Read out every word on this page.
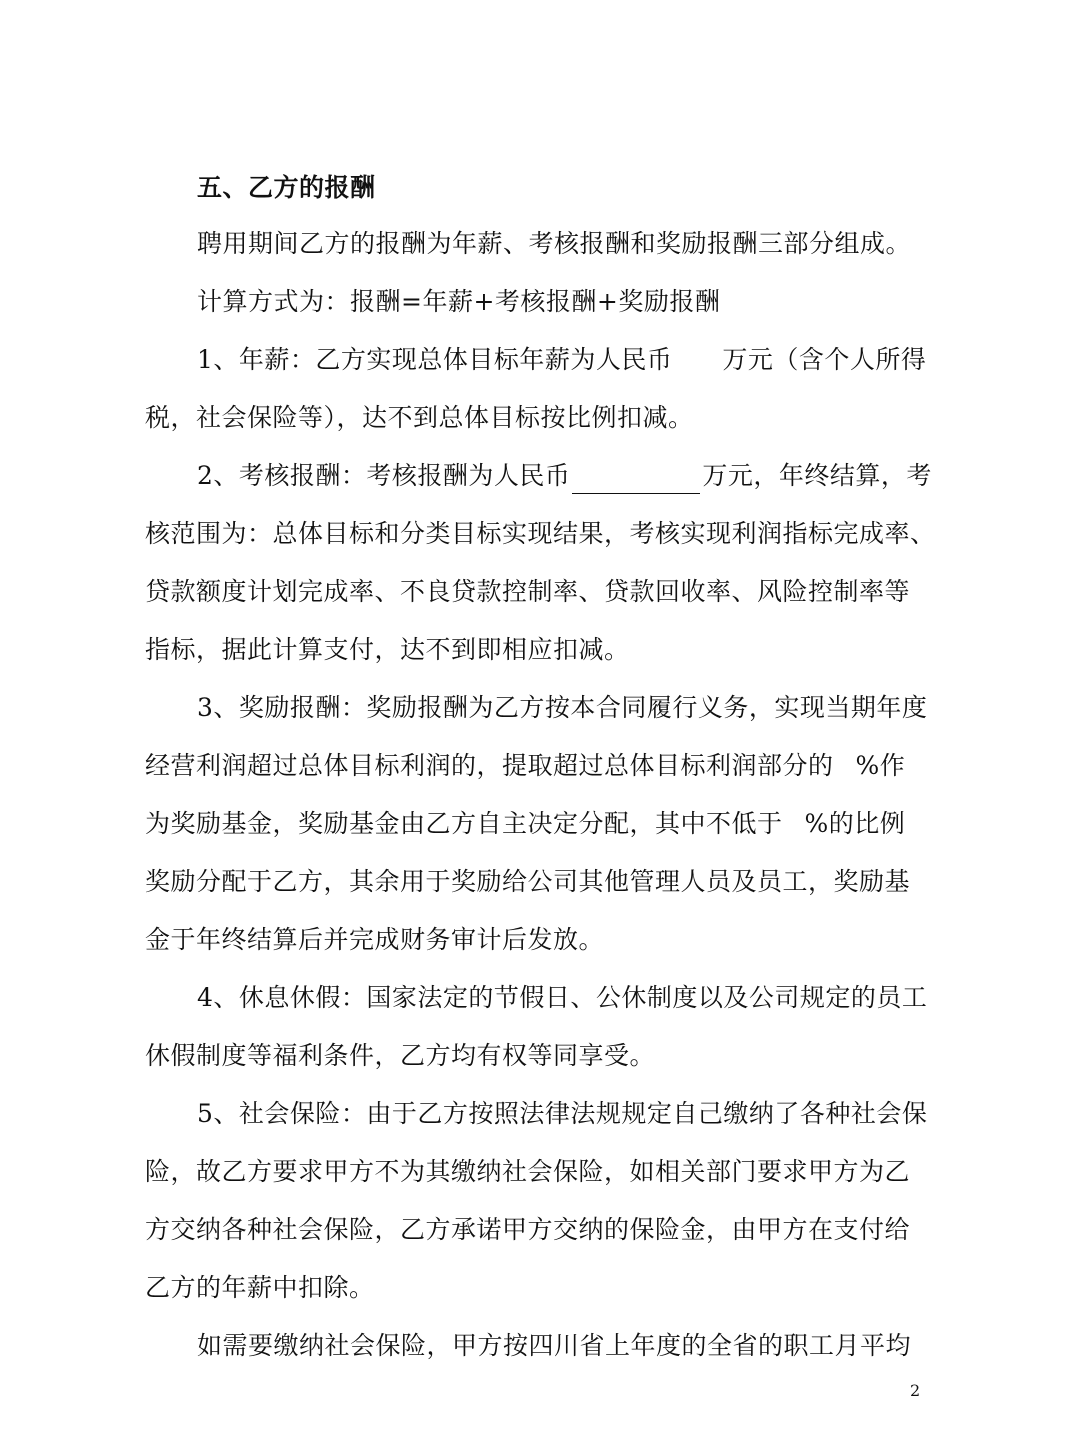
五、乙方的报酬
聘用期间乙方的报酬为年薪、考核报酬和奖励报酬三部分组成。
计算方式为：报酬=年薪+考核报酬+奖励报酬
1、年薪：乙方实现总体目标年薪为人民币 万元（含个人所得
税，社会保险等），达不到总体目标按比例扣减。
2、考核报酬：考核报酬为人民币	万元，年终结算，考
核范围为：总体目标和分类目标实现结果，考核实现利润指标完成率、
贷款额度计划完成率、不良贷款控制率、贷款回收率、风险控制率等
指标，据此计算支付，达不到即相应扣减。
3、奖励报酬：奖励报酬为乙方按本合同履行义务，实现当期年度
经营利润超过总体目标利润的，提取超过总体目标利润部分的 %作
为奖励基金，奖励基金由乙方自主决定分配，其中不低于 %的比例
奖励分配于乙方，其余用于奖励给公司其他管理人员及员工，奖励基
金于年终结算后并完成财务审计后发放。
4、休息休假：国家法定的节假日、公休制度以及公司规定的员工
休假制度等福利条件，乙方均有权等同享受。
5、社会保险：由于乙方按照法律法规规定自己缴纳了各种社会保
险，故乙方要求甲方不为其缴纳社会保险，如相关部门要求甲方为乙
方交纳各种社会保险，乙方承诺甲方交纳的保险金，由甲方在支付给
乙方的年薪中扣除。
如需要缴纳社会保险，甲方按四川省上年度的全省的职工月平均
2
